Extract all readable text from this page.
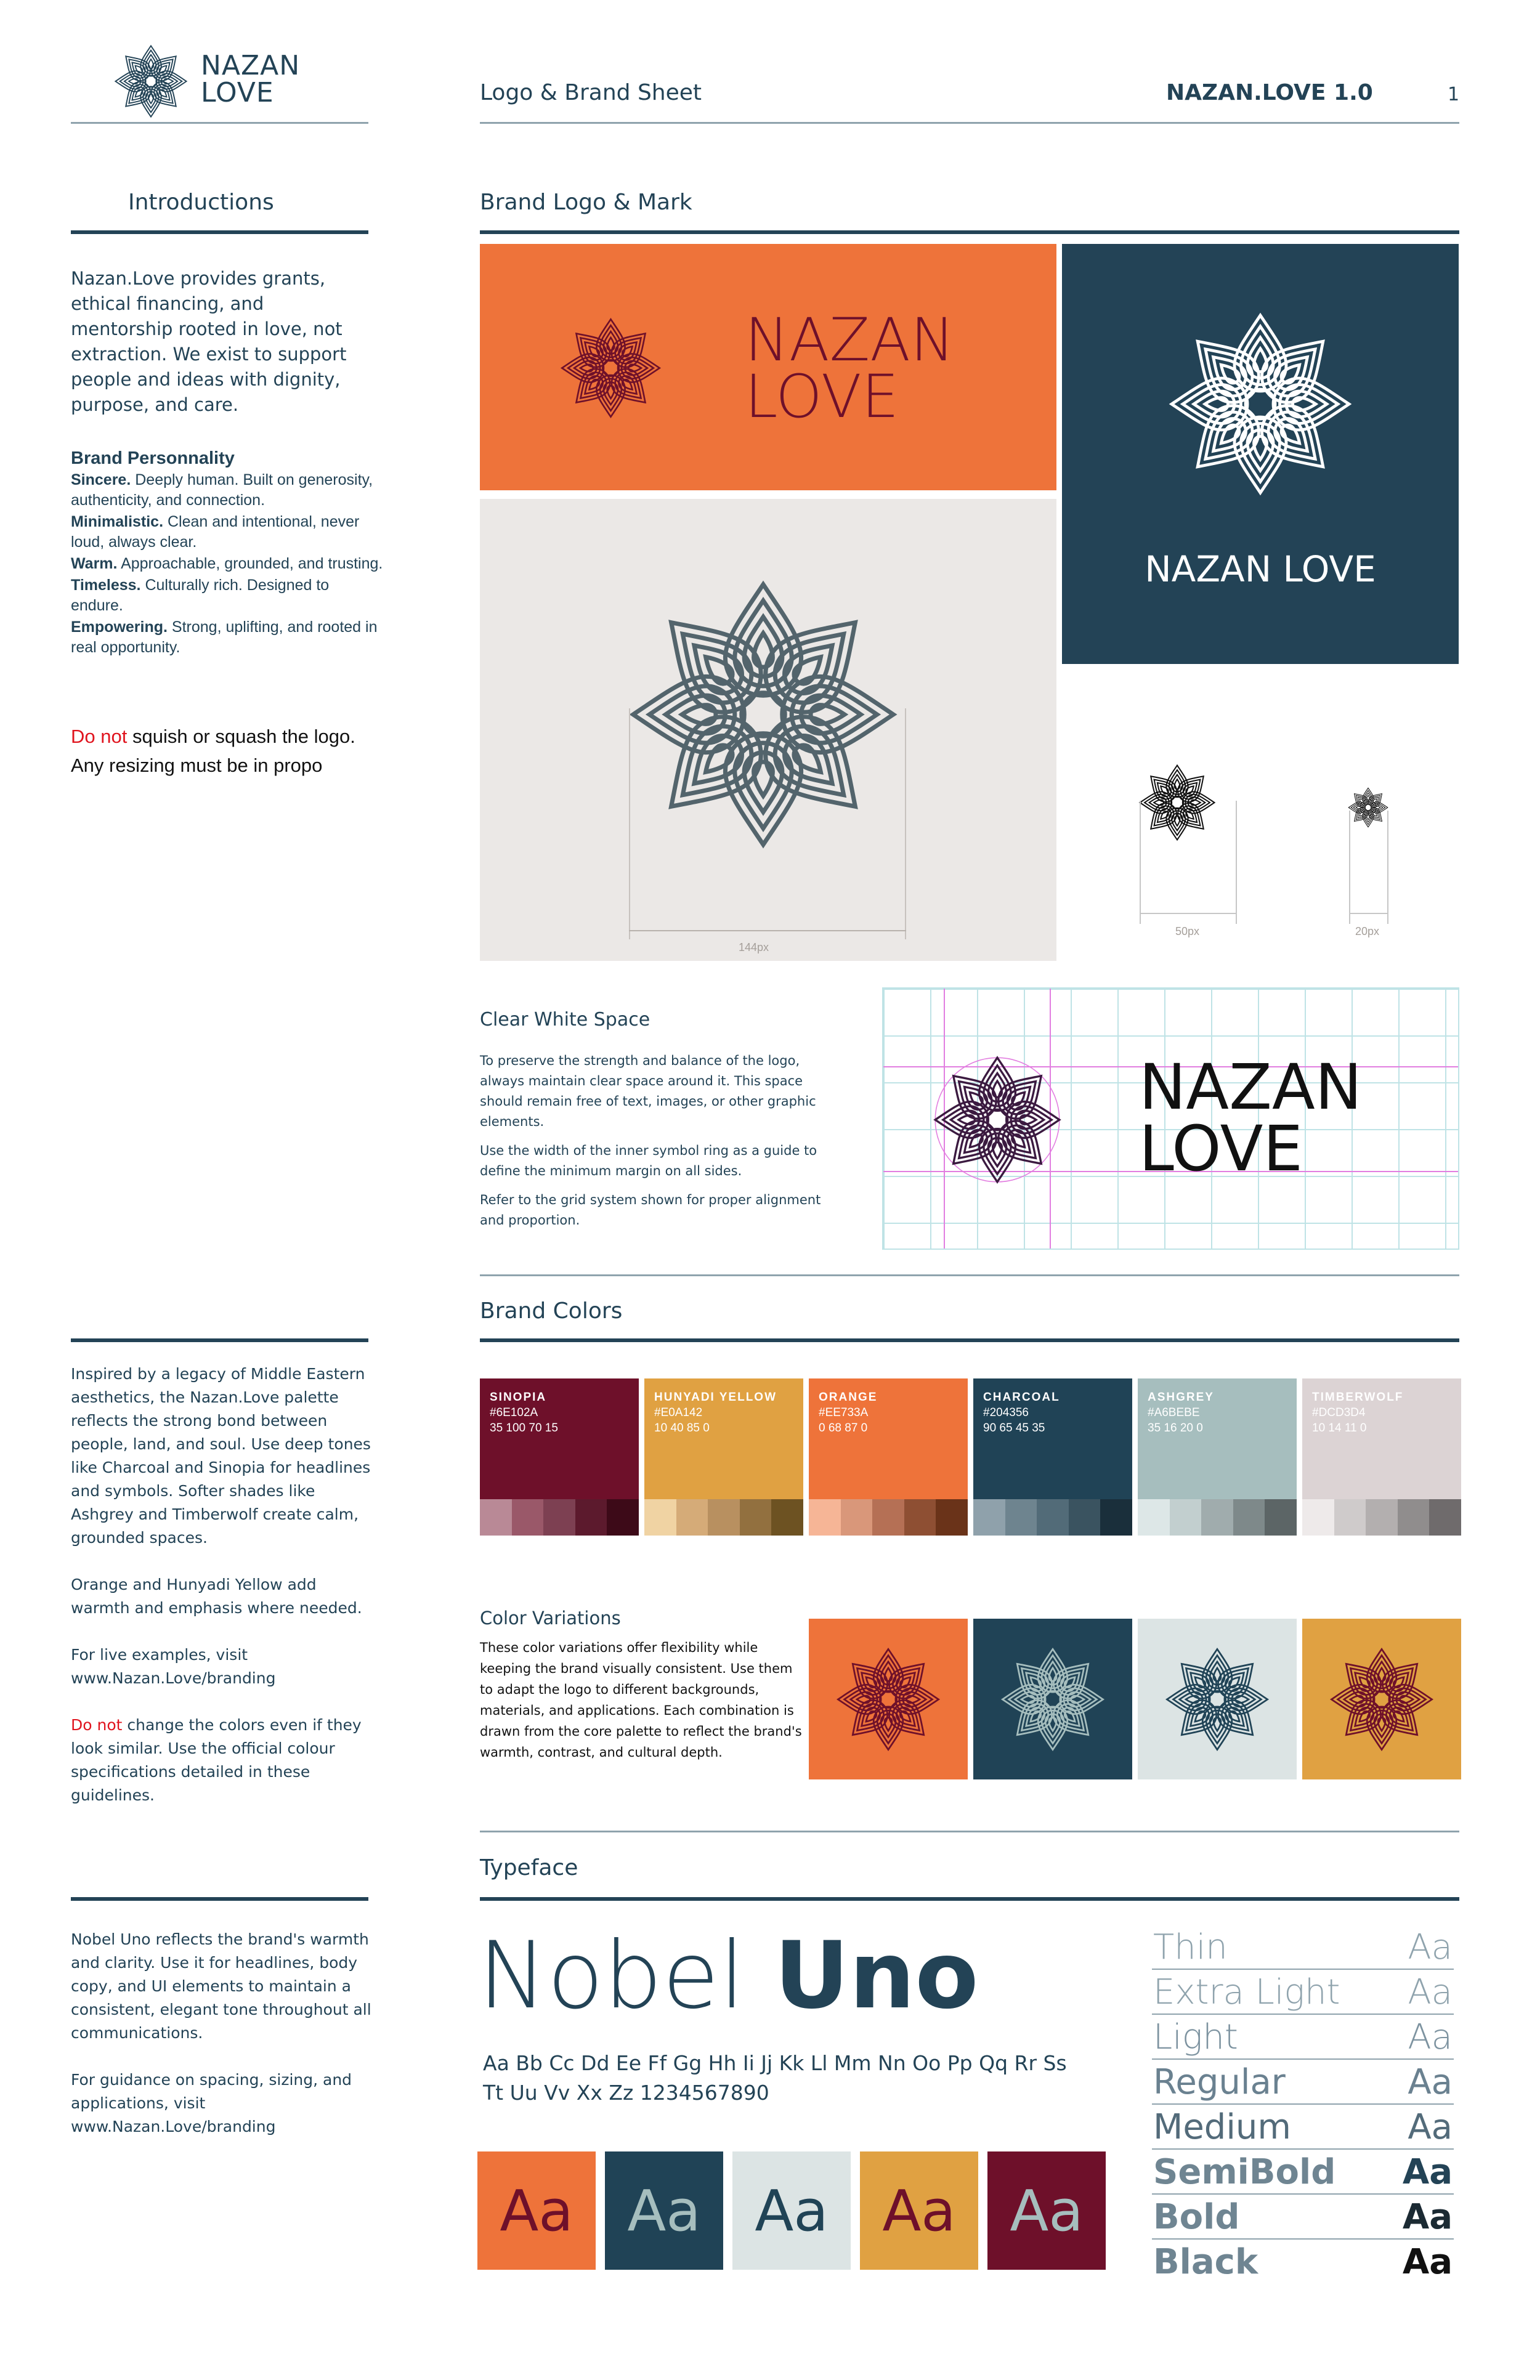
NAZAN
LOVE	Logo & Brand Sheet	NAZAN.LOVE 1.0	1
Introductions
Nazan.Love provides grants, ethical financing, and mentorship rooted in love, not extraction. We exist to support people and ideas with dignity, purpose, and care.
Brand Personnality
Sincere. Deeply human. Built on generosity, authenticity, and connection.
Minimalistic. Clean and intentional, never loud, always clear.
Warm. Approachable, grounded, and trusting.
Timeless. Culturally rich. Designed to endure.
Empowering. Strong, uplifting, and rooted in real opportunity.
Do not squish or squash the logo. Any resizing must be in propo
Inspired by a legacy of Middle Eastern aesthetics, the Nazan.Love palette reflects the strong bond between people, land, and soul. Use deep tones like Charcoal and Sinopia for headlines and symbols. Softer shades like Ashgrey and Timberwolf create calm, grounded spaces.
Orange and Hunyadi Yellow add warmth and emphasis where needed.
For live examples, visit www.Nazan.Love/branding
Do not change the colors even if they look similar. Use the official colour specifications detailed in these guidelines.
Nobel Uno reflects the brand's warmth and clarity. Use it for headlines, body copy, and UI elements to maintain a consistent, elegant tone throughout all communications.
For guidance on spacing, sizing, and applications, visit www.Nazan.Love/branding
Brand Logo & Mark
NAZAN
LOVE
NAZAN LOVE
144px
50px	20px
Clear White Space
To preserve the strength and balance of the logo, always maintain clear space around it. This space should remain free of text, images, or other graphic elements.
Use the width of the inner symbol ring as a guide to define the minimum margin on all sides.
Refer to the grid system shown for proper alignment and proportion.
NAZAN
LOVE
Brand Colors
SINOPIA
#6E102A
35 100 70 15
HUNYADI YELLOW
#E0A142
10 40 85 0
ORANGE
#EE733A
0 68 87 0
CHARCOAL
#204356
90 65 45 35
ASHGREY
#A6BEBE
35 16 20 0
TIMBERWOLF
#DCD3D4
10 14 11 0
Color Variations
These color variations offer flexibility while keeping the brand visually consistent. Use them to adapt the logo to different backgrounds, materials, and applications. Each combination is drawn from the core palette to reflect the brand's warmth, contrast, and cultural depth.
Typeface
Nobel Uno
Aa Bb Cc Dd Ee Ff Gg Hh Ii Jj Kk Ll Mm Nn Oo Pp Qq Rr Ss
Tt Uu Vv Xx Zz 1234567890
Aa Aa Aa Aa Aa
Thin	Aa
Extra Light Aa
Light	Aa
Regular	Aa
Medium	Aa
SemiBold Aa
Bold	Aa
Black	Aa
